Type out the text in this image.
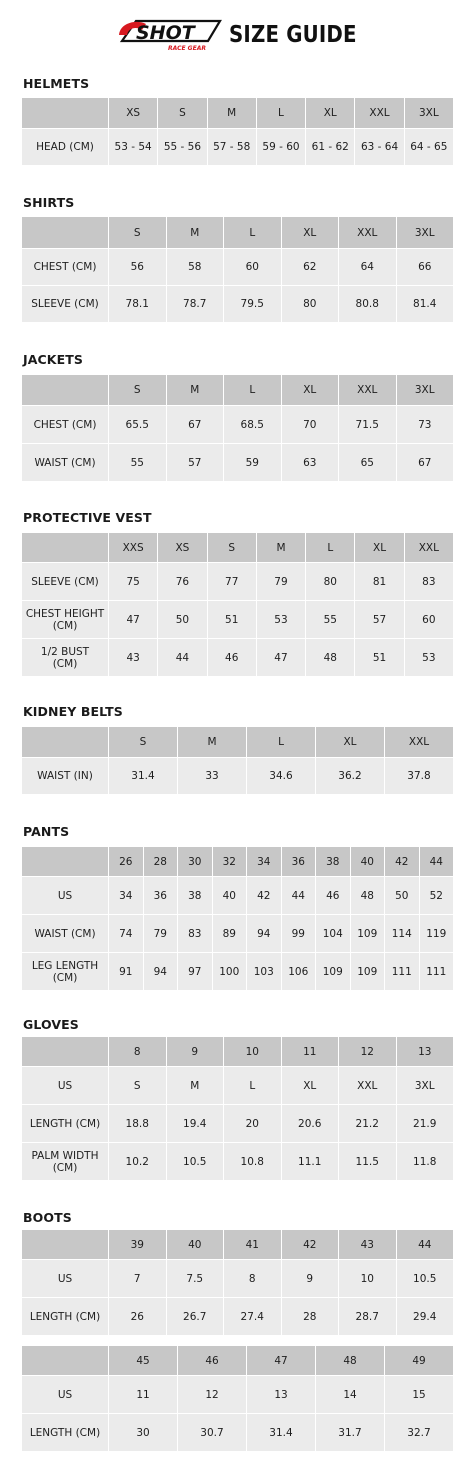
SHOT
RACE GEAR
SIZE GUIDE
HELMETS
	XS	S	M	L	XL	XXL	3XL
HEAD (CM)	53 - 54	55 - 56	57 - 58	59 - 60	61 - 62	63 - 64	64 - 65
SHIRTS
	S	M	L	XL	XXL	3XL
CHEST (CM)	56	58	60	62	64	66
SLEEVE (CM)	78.1	78.7	79.5	80	80.8	81.4
JACKETS
	S	M	L	XL	XXL	3XL
CHEST (CM)	65.5	67	68.5	70	71.5	73
WAIST (CM)	55	57	59	63	65	67
PROTECTIVE VEST
	XXS	XS	S	M	L	XL	XXL
SLEEVE (CM)	75	76	77	79	80	81	83
CHEST HEIGHT
(CM)	47	50	51	53	55	57	60
1/2 BUST
(CM)	43	44	46	47	48	51	53
KIDNEY BELTS
	S	M	L	XL	XXL
WAIST (IN)	31.4	33	34.6	36.2	37.8
PANTS
	26	28	30	32	34	36	38	40	42	44
US	34	36	38	40	42	44	46	48	50	52
WAIST (CM)	74	79	83	89	94	99	104	109	114	119
LEG LENGTH
(CM)	91	94	97	100	103	106	109	109	111	111
GLOVES
	8	9	10	11	12	13
US	S	M	L	XL	XXL	3XL
LENGTH (CM)	18.8	19.4	20	20.6	21.2	21.9
PALM WIDTH
(CM)	10.2	10.5	10.8	11.1	11.5	11.8
BOOTS
	39	40	41	42	43	44
US	7	7.5	8	9	10	10.5
LENGTH (CM)	26	26.7	27.4	28	28.7	29.4
	45	46	47	48	49
US	11	12	13	14	15
LENGTH (CM)	30	30.7	31.4	31.7	32.7
